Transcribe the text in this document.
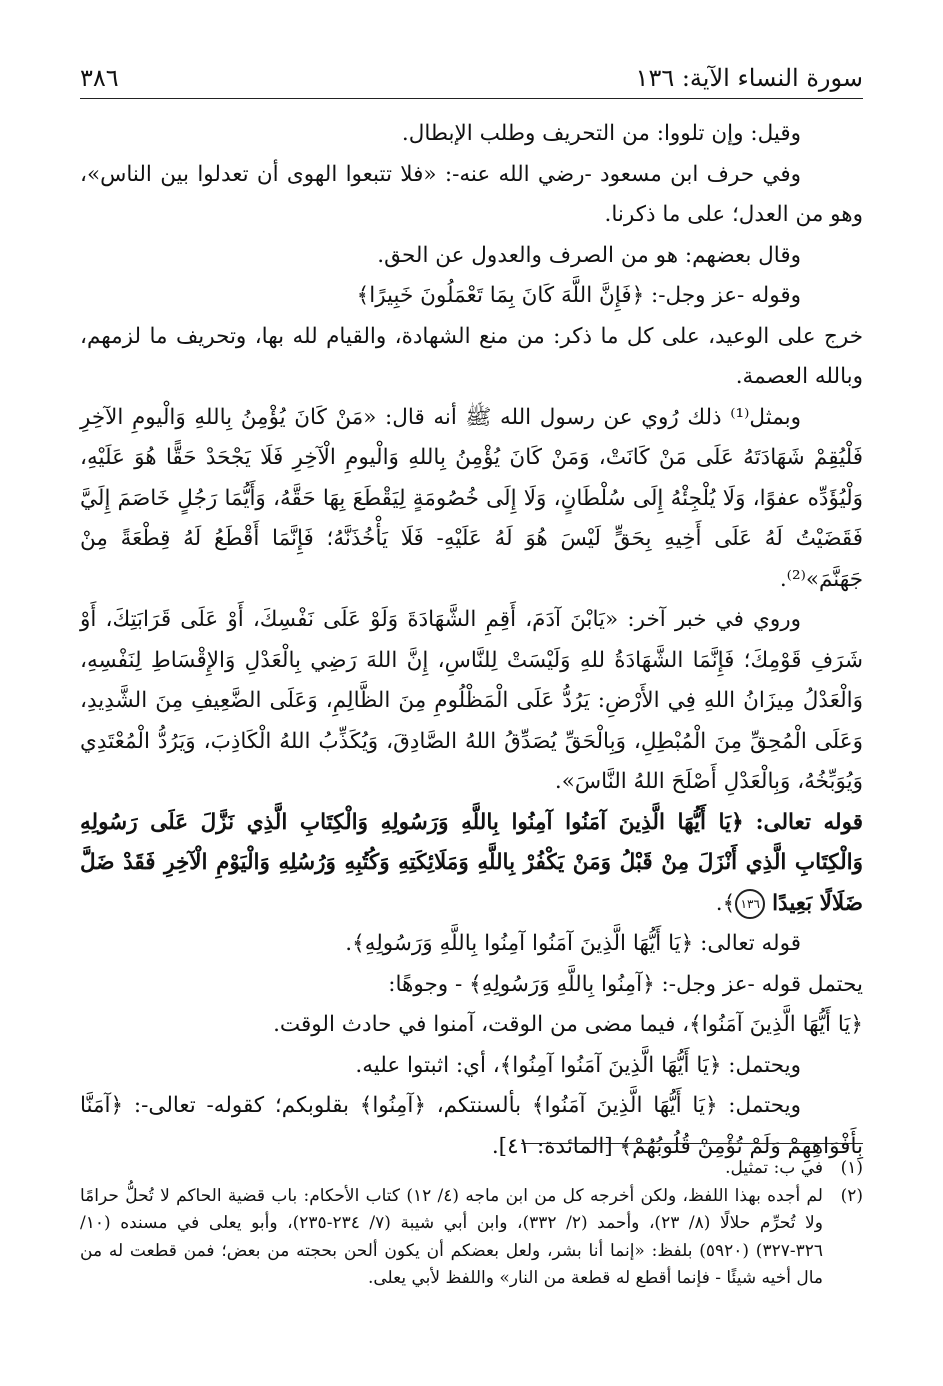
سورة النساء الآية: ١٣٦
٣٨٦

وقيل: وإن تلووا: من التحريف وطلب الإبطال.

وفي حرف ابن مسعود -رضي الله عنه-: «فلا تتبعوا الهوى أن تعدلوا بين الناس»، وهو من العدل؛ على ما ذكرنا.

وقال بعضهم: هو من الصرف والعدول عن الحق.

وقوله -عز وجل-: ﴿فَإِنَّ اللَّهَ كَانَ بِمَا تَعْمَلُونَ خَبِيرًا﴾

خرج على الوعيد، على كل ما ذكر: من منع الشهادة، والقيام لله بها، وتحريف ما لزمهم، وبالله العصمة.

وبمثل⁽¹⁾ ذلك رُوي عن رسول الله ﷺ أنه قال: «مَنْ كَانَ يُؤْمِنُ بِاللهِ وَالْيومِ الآخِرِ فَلْيُقِمْ شَهَادَتَهُ عَلَى مَنْ كَانَتْ، وَمَنْ كَانَ يُؤْمِنُ بِاللهِ وَالْيومِ الْآخِرِ فَلَا يَجْحَدْ حَقًّا هُوَ عَلَيْهِ، وَلْيُؤَدِّه عفوًا، وَلَا يُلْجِئْهُ إِلَى سُلْطَانٍ، وَلَا إِلَى خُصُومَةٍ لِيَقْطَعَ بِهَا حَقَّهُ، وَأَيُّمَا رَجُلٍ خَاصَمَ إِلَيَّ فَقَضَيْتُ لَهُ عَلَى أَخِيهِ بِحَقٍّ لَيْسَ هُوَ لَهُ عَلَيْهِ- فَلَا يَأْخُذَنَّهُ؛ فَإِنَّمَا أَقْطَعُ لَهُ قِطْعَةً مِنْ جَهَنَّمَ»⁽²⁾.

وروي في خبر آخر: «يَابْنَ آدَمَ، أَقِمِ الشَّهَادَةَ وَلَوْ عَلَى نَفْسِكَ، أَوْ عَلَى قَرَابَتِكَ، أَوْ شَرَفِ قَوْمِكَ؛ فَإِنَّمَا الشَّهَادَةُ للهِ وَلَيْسَتْ لِلنَّاسِ، إِنَّ اللهَ رَضِي بِالْعَدْلِ وَالإِقْسَاطِ لِنَفْسِهِ، وَالْعَدْلُ مِيزَانُ اللهِ فِي الأَرْضِ: يَرُدُّ عَلَى الْمَظْلُومِ مِنَ الظَّالِمِ، وَعَلَى الضَّعِيفِ مِنَ الشَّدِيدِ، وَعَلَى الْمُحِقِّ مِنَ الْمُبْطِلِ، وَبِالْحَقِّ يُصَدِّقُ اللهُ الصَّادِقَ، وَيُكَذِّبُ اللهُ الْكَاذِبَ، وَيَرُدُّ الْمُعْتَدِي وَيُوَبِّخُهُ، وَبِالْعَدْلِ أَصْلَحَ اللهُ النَّاسَ».

قوله تعالى: ﴿يَا أَيُّهَا الَّذِينَ آمَنُوا آمِنُوا بِاللَّهِ وَرَسُولِهِ وَالْكِتَابِ الَّذِي نَزَّلَ عَلَى رَسُولِهِ وَالْكِتَابِ الَّذِي أَنْزَلَ مِنْ قَبْلُ وَمَنْ يَكْفُرْ بِاللَّهِ وَمَلَائِكَتِهِ وَكُتُبِهِ وَرُسُلِهِ وَالْيَوْمِ الْآخِرِ فَقَدْ ضَلَّ ضَلَالًا بَعِيدًا ١٣٦﴾.

قوله تعالى: ﴿يَا أَيُّهَا الَّذِينَ آمَنُوا آمِنُوا بِاللَّهِ وَرَسُولِهِ﴾.

يحتمل قوله -عز وجل-: ﴿آمِنُوا بِاللَّهِ وَرَسُولِهِ﴾ - وجوهًا:

﴿يَا أَيُّهَا الَّذِينَ آمَنُوا﴾، فيما مضى من الوقت، آمنوا في حادث الوقت.

ويحتمل: ﴿يَا أَيُّهَا الَّذِينَ آمَنُوا آمِنُوا﴾، أي: اثبتوا عليه.

ويحتمل: ﴿يَا أَيُّهَا الَّذِينَ آمَنُوا﴾ بألسنتكم، ﴿آمِنُوا﴾ بقلوبكم؛ كقوله- تعالى-: ﴿آمَنَّا بِأَفْوَاهِهِمْ وَلَمْ تُؤْمِنْ قُلُوبُهُمْ﴾ [المائدة: ٤١].

(١)
في ب: تمثيل.
(٢)
لم أجده بهذا اللفظ، ولكن أخرجه كل من ابن ماجه (٤/ ١٢) كتاب الأحكام: باب قضية الحاكم لا تُحلُّ حرامًا ولا تُحرِّم حلالًا (٨/ ٢٣)، وأحمد (٢/ ٣٣٢)، وابن أبي شيبة (٧/ ٢٣٤-٢٣٥)، وأبو يعلى في مسنده (١٠/ ٣٢٦-٣٢٧) (٥٩٢٠) بلفظ: «إنما أنا بشر، ولعل بعضكم أن يكون ألحن بحجته من بعض؛ فمن قطعت له من مال أخيه شيئًا - فإنما أقطع له قطعة من النار» واللفظ لأبي يعلى.
